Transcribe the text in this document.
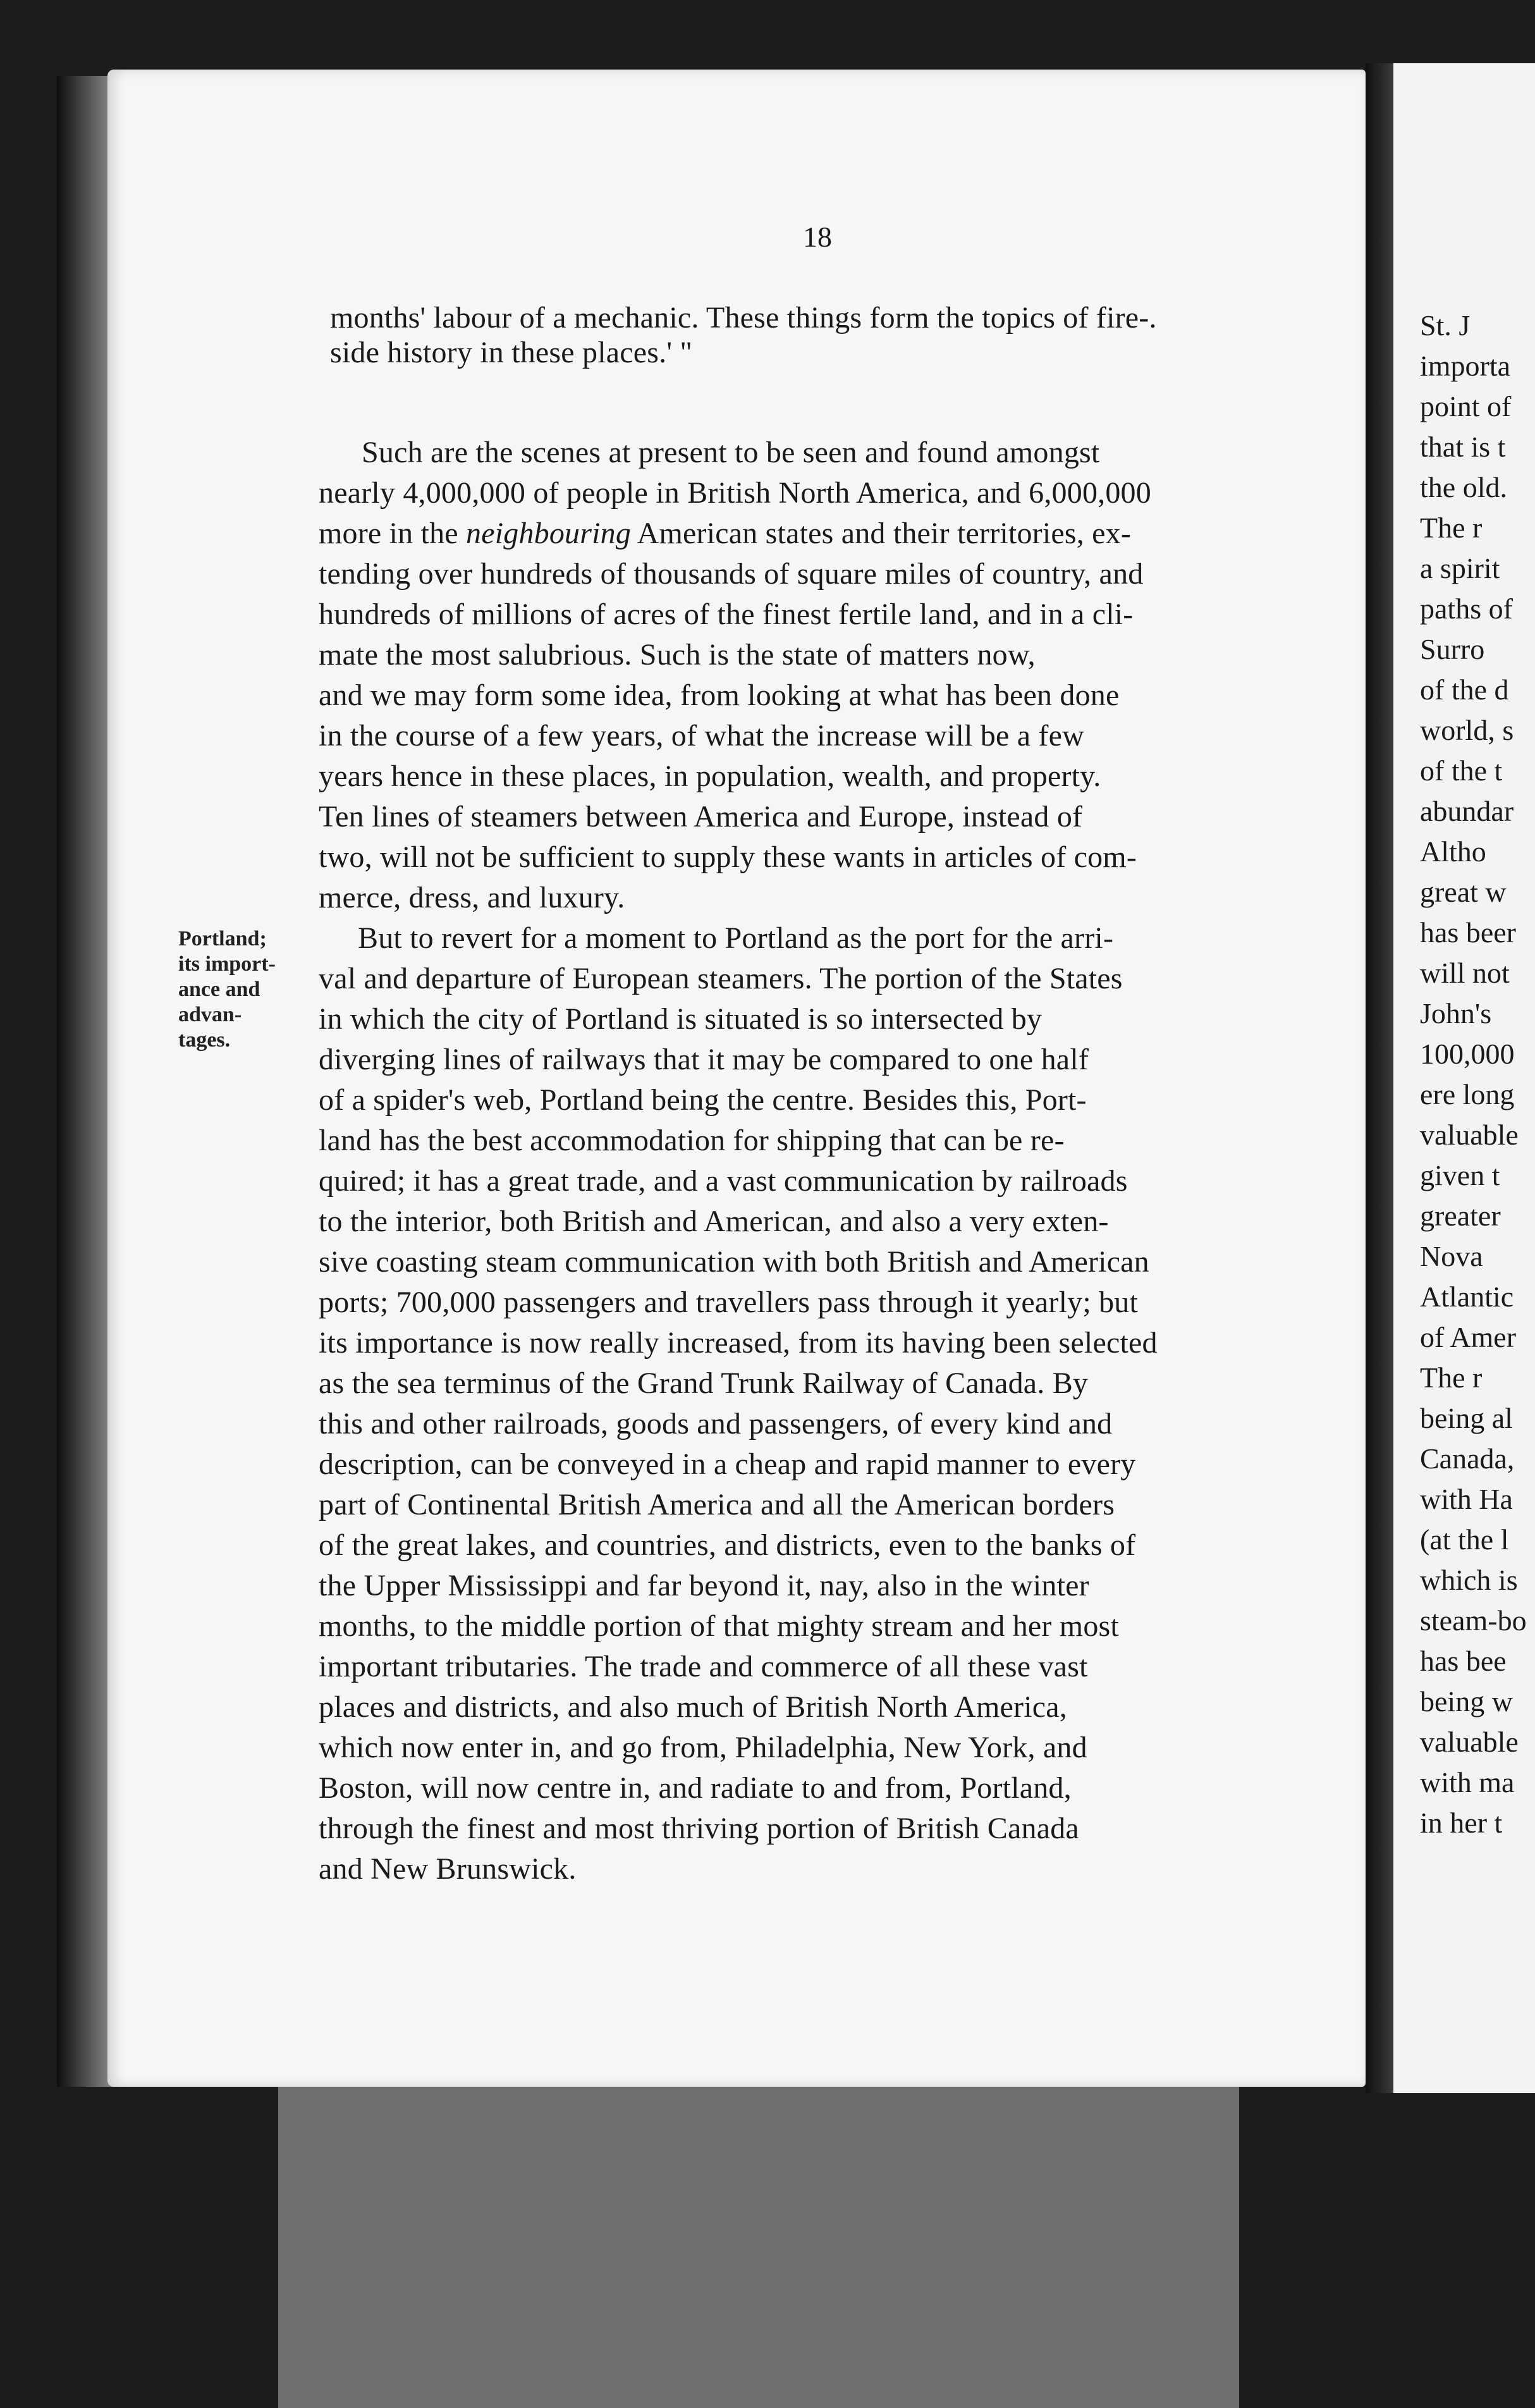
St. J
importa
point of
that is t
the old.
The r
a spirit
paths of
Surro
of the d
world, s
of the t
abundar
Altho
great w
has beer
will not
John's
100,000
ere long
valuable
given t
greater
Nova
Atlantic
of Amer
The r
being al
Canada,
with Ha
(at the l
which is
steam-bo
has bee
being w
valuable
with ma
in her t
18
months' labour of a mechanic. These things form the topics of fire-.
side history in these places.' "
Such are the scenes at present to be seen and found amongst
nearly 4,000,000 of people in British North America, and 6,000,000
more in the neighbouring American states and their territories, ex-
tending over hundreds of thousands of square miles of country, and
hundreds of millions of acres of the finest fertile land, and in a cli-
mate the most salubrious. Such is the state of matters now,
and we may form some idea, from looking at what has been done
in the course of a few years, of what the increase will be a few
years hence in these places, in population, wealth, and property.
Ten lines of steamers between America and Europe, instead of
two, will not be sufficient to supply these wants in articles of com-
merce, dress, and luxury.
Portland;
its import-
ance and
advan-
tages.
But to revert for a moment to Portland as the port for the arri-
val and departure of European steamers. The portion of the States
in which the city of Portland is situated is so intersected by
diverging lines of railways that it may be compared to one half
of a spider's web, Portland being the centre. Besides this, Port-
land has the best accommodation for shipping that can be re-
quired; it has a great trade, and a vast communication by railroads
to the interior, both British and American, and also a very exten-
sive coasting steam communication with both British and American
ports; 700,000 passengers and travellers pass through it yearly; but
its importance is now really increased, from its having been selected
as the sea terminus of the Grand Trunk Railway of Canada. By
this and other railroads, goods and passengers, of every kind and
description, can be conveyed in a cheap and rapid manner to every
part of Continental British America and all the American borders
of the great lakes, and countries, and districts, even to the banks of
the Upper Mississippi and far beyond it, nay, also in the winter
months, to the middle portion of that mighty stream and her most
important tributaries. The trade and commerce of all these vast
places and districts, and also much of British North America,
which now enter in, and go from, Philadelphia, New York, and
Boston, will now centre in, and radiate to and from, Portland,
through the finest and most thriving portion of British Canada
and New Brunswick.
